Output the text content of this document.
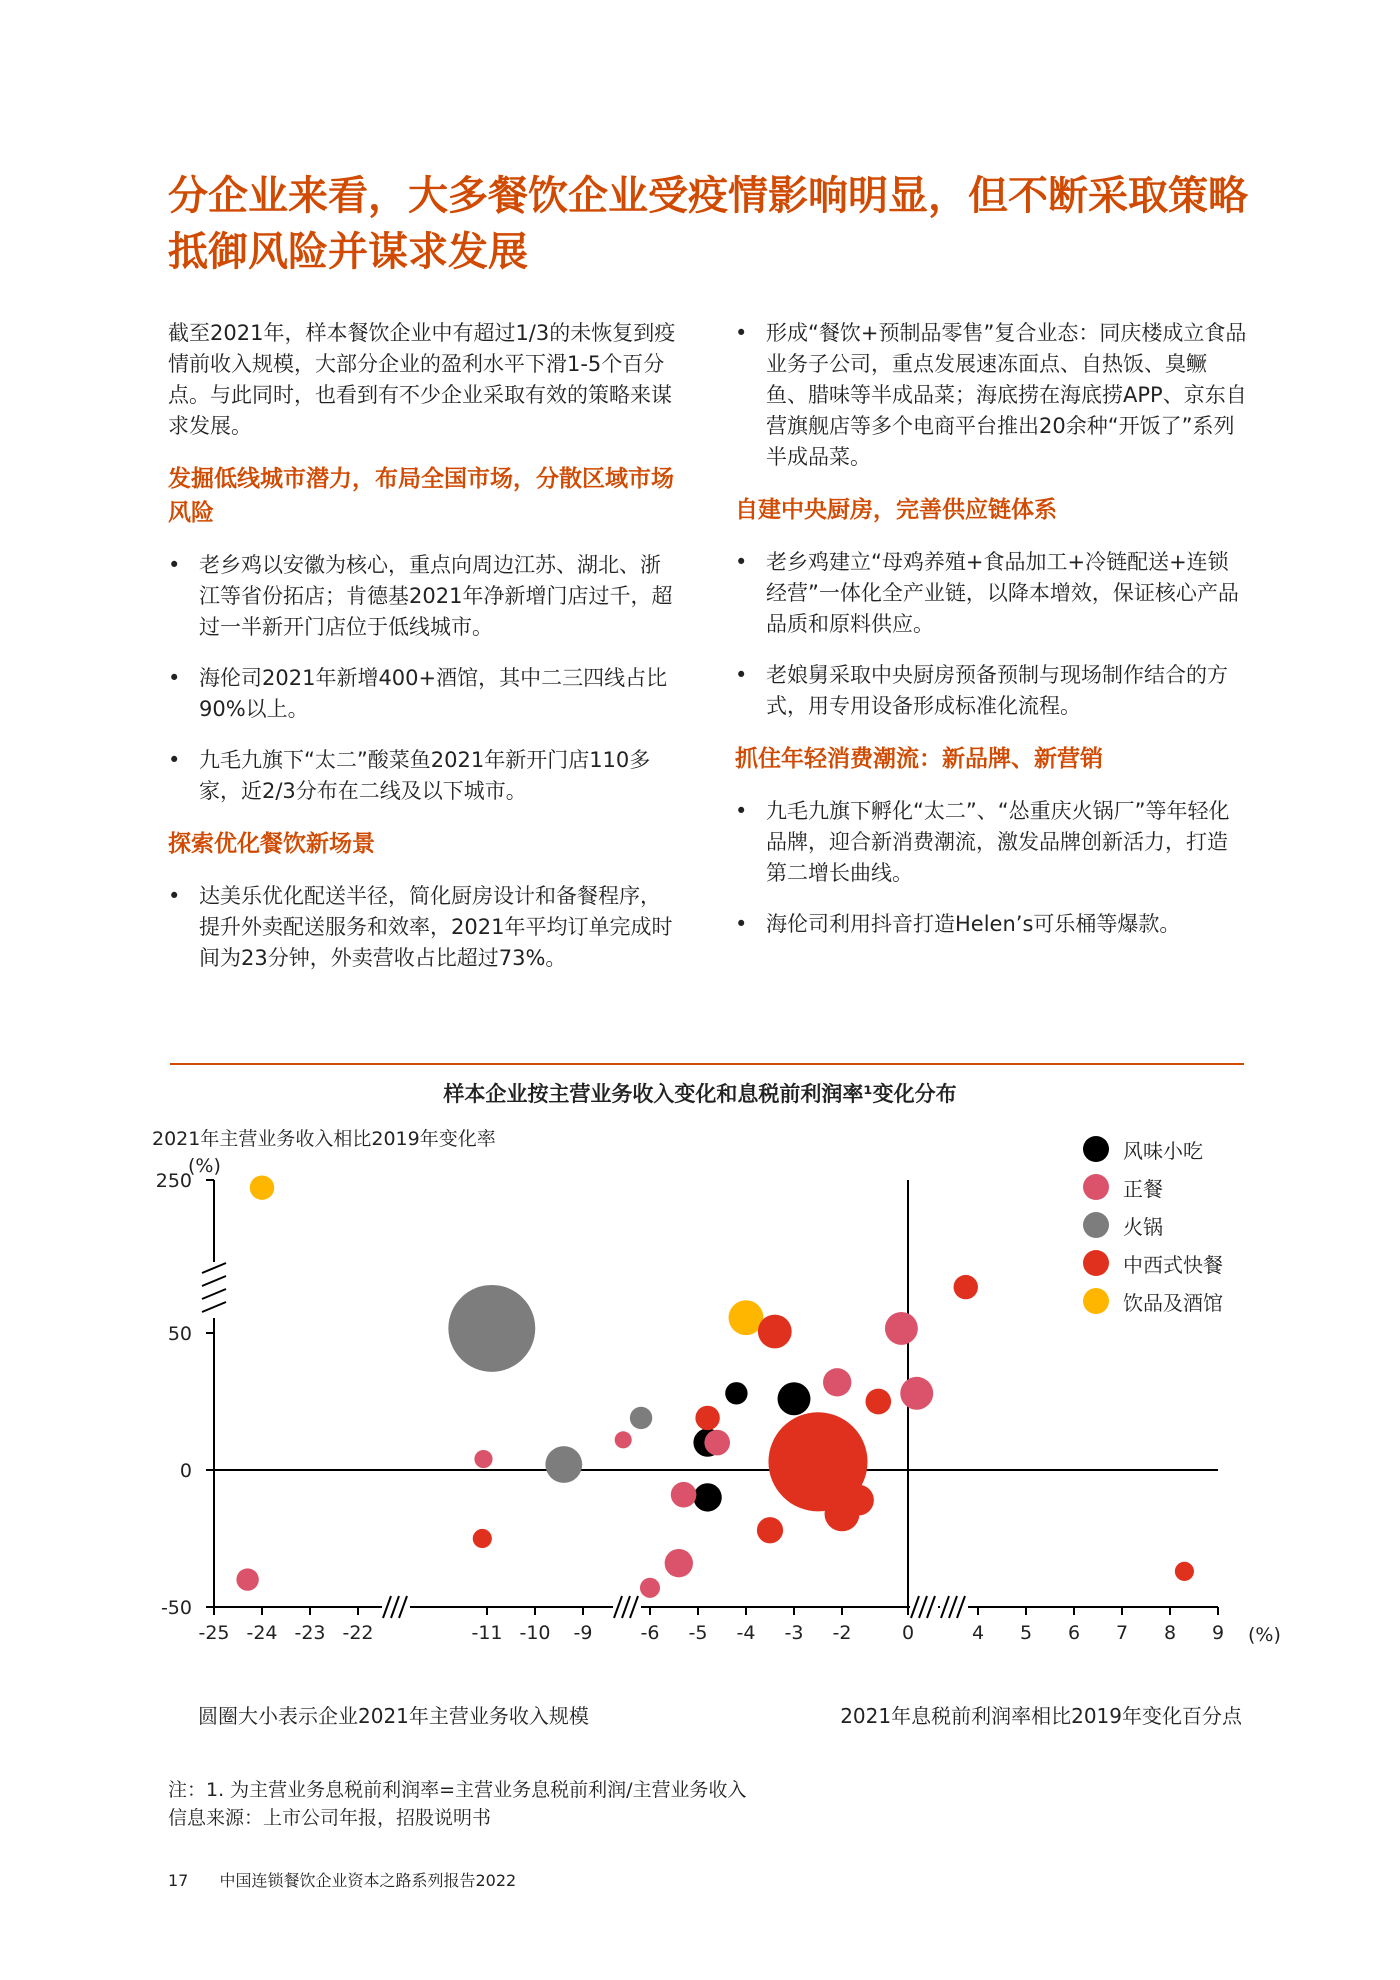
分企业来看，大多餐饮企业受疫情影响明显，但不断采取策略抵御风险并谋求发展

截至2021年，样本餐饮企业中有超过1/3的未恢复到疫情前收入规模，大部分企业的盈利水平下滑1-5个百分点。与此同时，也看到有不少企业采取有效的策略来谋求发展。

发掘低线城市潜力，布局全国市场，分散区域市场风险
• 老乡鸡以安徽为核心，重点向周边江苏、湖北、浙江等省份拓店；肯德基2021年净新增门店过千，超过一半新开门店位于低线城市。
• 海伦司2021年新增400+酒馆，其中二三四线占比90%以上。
• 九毛九旗下“太二”酸菜鱼2021年新开门店110多家，近2/3分布在二线及以下城市。
探索优化餐饮新场景
• 达美乐优化配送半径，简化厨房设计和备餐程序，提升外卖配送服务和效率，2021年平均订单完成时间为23分钟，外卖营收占比超过73%。
• 形成“餐饮+预制品零售”复合业态：同庆楼成立食品业务子公司，重点发展速冻面点、自热饭、臭鳜鱼、腊味等半成品菜；海底捞在海底捞APP、京东自营旗舰店等多个电商平台推出20余种“开饭了”系列半成品菜。
自建中央厨房，完善供应链体系
• 老乡鸡建立“母鸡养殖+食品加工+冷链配送+连锁经营”一体化全产业链，以降本增效，保证核心产品品质和原料供应。
• 老娘舅采取中央厨房预备预制与现场制作结合的方式，用专用设备形成标准化流程。
抓住年轻消费潮流：新品牌、新营销
• 九毛九旗下孵化“太二”、“怂重庆火锅厂”等年轻化品牌，迎合新消费潮流，激发品牌创新活力，打造第二增长曲线。
• 海伦司利用抖音打造Helen’s可乐桶等爆款。

样本企业按主营业务收入变化和息税前利润率¹变化分布

2021年主营业务收入相比2019年变化率
(%)
(%)
250
50
0
-50
-25 -24 -23 -22	-11 -10 -9	-6 -5 -4 -3 -2	0	4 5 6 7 8 9
风味小吃
正餐
火锅
中西式快餐
饮品及酒馆
圆圈大小表示企业2021年主营业务收入规模	2021年息税前利润率相比2019年变化百分点

注：1. 为主营业务息税前利润率=主营业务息税前利润/主营业务收入

信息来源：上市公司年报，招股说明书

17 中国连锁餐饮企业资本之路系列报告2022
